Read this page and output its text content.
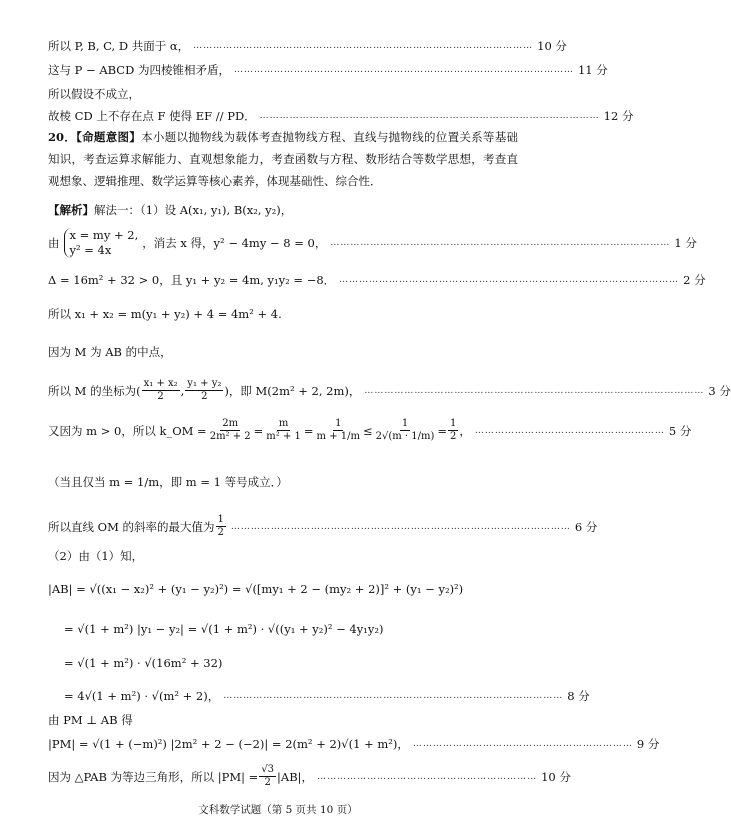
所以 P, B, C, D 共面于 α， ………………………………………………………………………………………… 10 分
这与 P − ABCD 为四棱锥相矛盾， ………………………………………………………………………………………… 11 分
所以假设不成立，
故棱 CD 上不存在点 F 使得 EF // PD． ………………………………………………………………………………………… 12 分
20．【命题意图】本小题以抛物线为载体考查抛物线方程、直线与抛物线的位置关系等基础知识，考查运算求解能力、直观想象能力，考查函数与方程、数形结合等数学思想，考查直观想象、逻辑推理、数学运算等核心素养，体现基础性、综合性．
【解析】 解法一：（1）设 A(x₁, y₁), B(x₂, y₂)，
由
x = my + 2,
y² = 4x	，消去 x 得，y² − 4my − 8 = 0， ………………………………………………………………………………………… 1 分
Δ = 16m² + 32 > 0，且 y₁ + y₂ = 4m, y₁y₂ = −8． ………………………………………………………………………………………… 2 分
所以 x₁ + x₂ = m(y₁ + y₂) + 4 = 4m² + 4.
因为 M 为 AB 的中点，
所以 M 的坐标为 ( $\frac{\text{x₁ + x₂}}{2}$ , $\frac{\text{y₁ + y₂}}{2}$ ) ，即 M(2m² + 2, 2m)， ………………………………………………………………………………………… 3 分
又因为 m > 0，所以 k_OM = $\frac{2m}{\text{2m² + 2}} = \frac{m}{\text{m² + 1}} = \frac{1}{m + 1/m} \le \frac{1}{2√(m \cdot 1/m)} = \frac{1}{2}$ ， ………………………………………………… 5 分
（当且仅当 m = 1/m，即 m = 1 等号成立．）
所以直线 OM 的斜率的最大值为 $\frac{1}{2}$ ………………………………………………………………………………………… 6 分
（2）由（1）知，
|AB| = √((x₁ − x₂)² + (y₁ − y₂)²) = √([my₁ + 2 − (my₂ + 2)]² + (y₁ − y₂)²)
= √(1 + m²) |y₁ − y₂| = √(1 + m²) · √((y₁ + y₂)² − 4y₁y₂)
= √(1 + m²) · √(16m² + 32)
= 4√(1 + m²) · √(m² + 2)， ………………………………………………………………………………………… 8 分
由 PM ⊥ AB 得
|PM| = √(1 + (−m)²) |2m² + 2 − (−2)| = 2(m² + 2)√(1 + m²)， ………………………………………………………… 9 分
因为 △PAB 为等边三角形，所以 $|PM| = \frac{√3}{2} |AB|$， ………………………………………………………… 10 分
文科数学试题（第 5 页共 10 页）
